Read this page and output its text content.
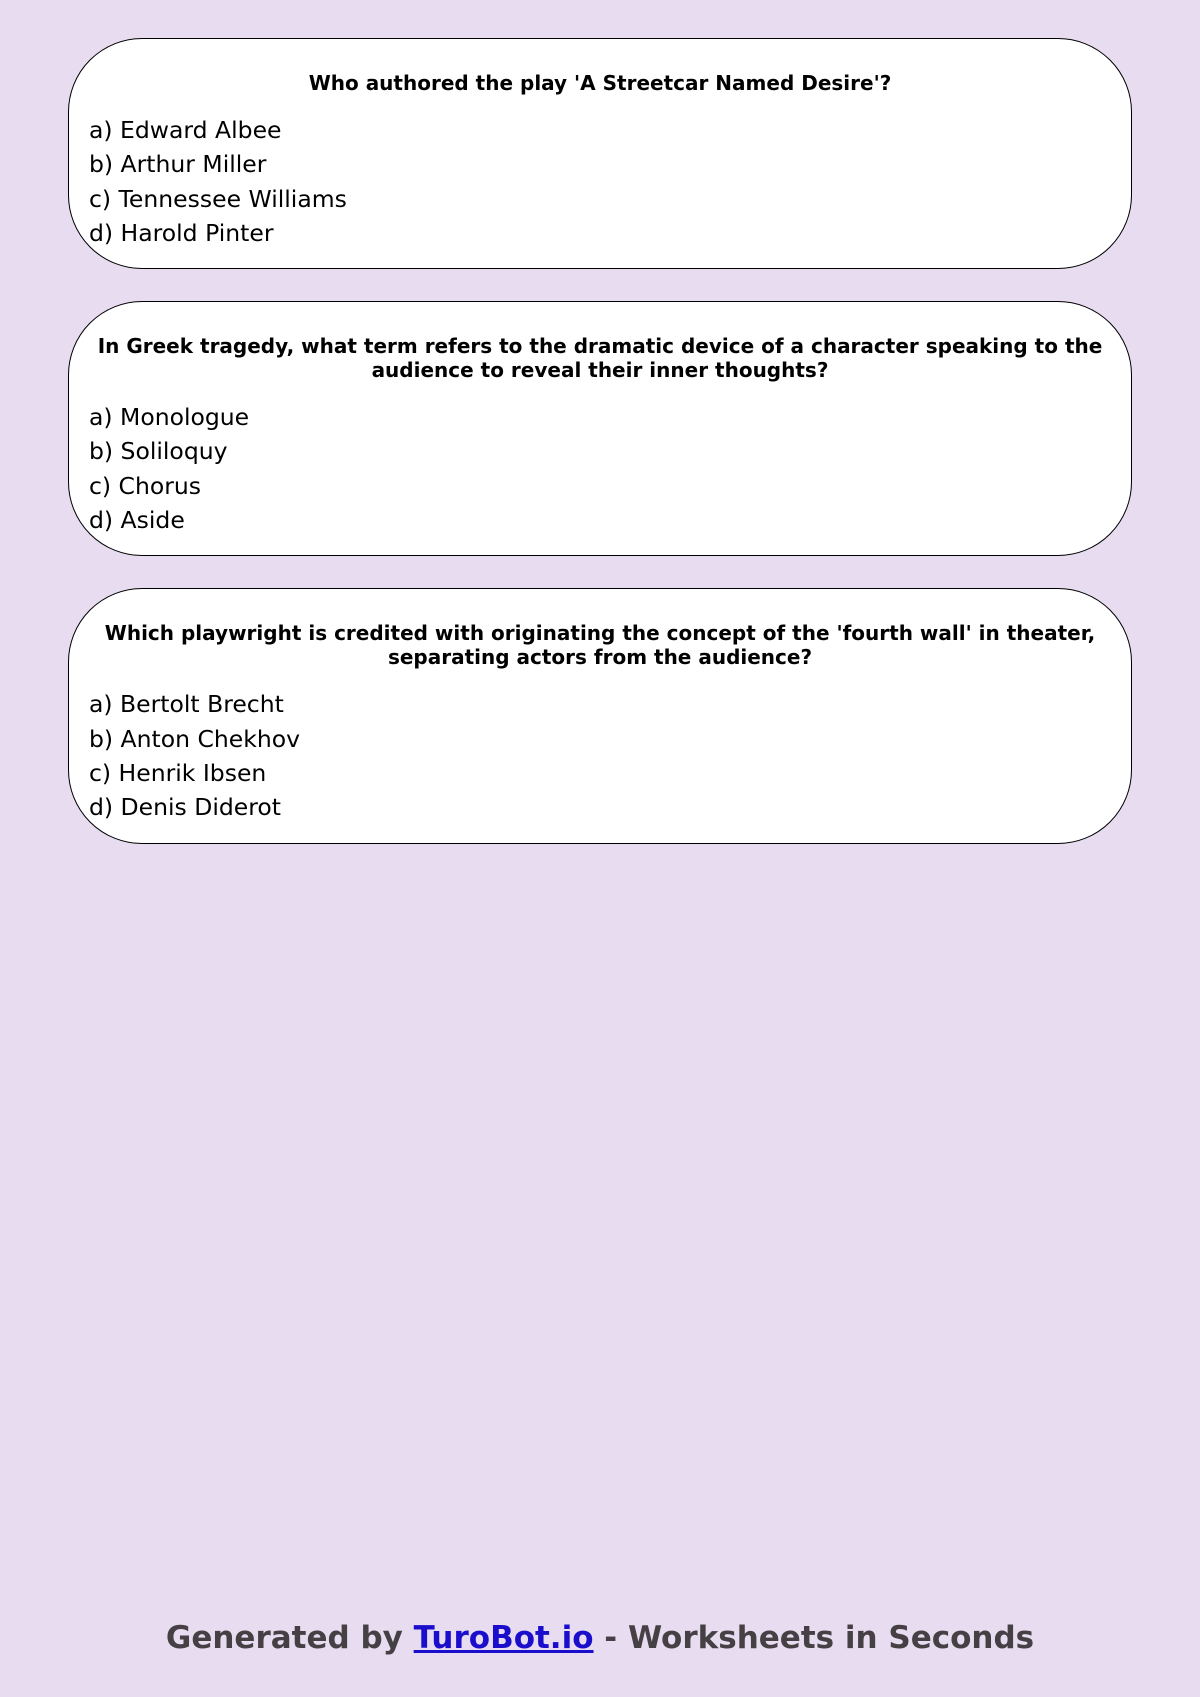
Who authored the play 'A Streetcar Named Desire'?

a) Edward Albee
b) Arthur Miller
c) Tennessee Williams
d) Harold Pinter

In Greek tragedy, what term refers to the dramatic device of a character speaking to the audience to reveal their inner thoughts?

a) Monologue
b) Soliloquy
c) Chorus
d) Aside

Which playwright is credited with originating the concept of the 'fourth wall' in theater, separating actors from the audience?

a) Bertolt Brecht
b) Anton Chekhov
c) Henrik Ibsen
d) Denis Diderot
Generated by TuroBot.io - Worksheets in Seconds
